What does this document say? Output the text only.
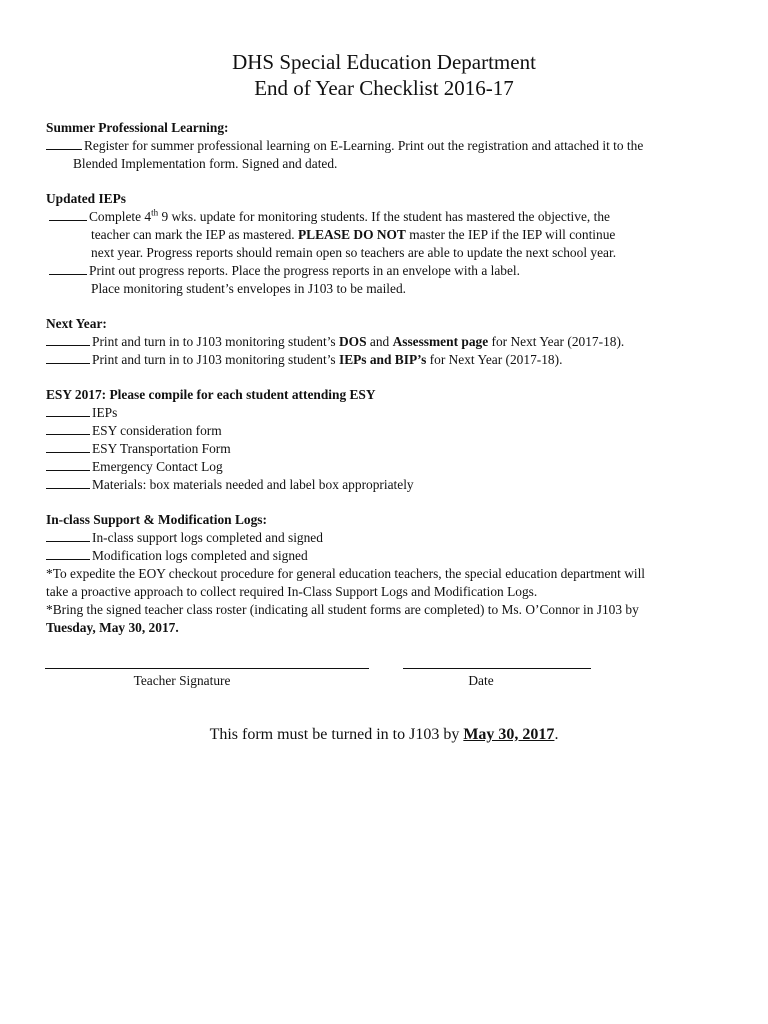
DHS Special Education Department
End of Year Checklist 2016-17
Summer Professional Learning:
Register for summer professional learning on E-Learning. Print out the registration and attached it to the
Blended Implementation form. Signed and dated.
Updated IEPs
Complete 4th 9 wks. update for monitoring students. If the student has mastered the objective, the
teacher can mark the IEP as mastered. PLEASE DO NOT master the IEP if the IEP will continue
next year. Progress reports should remain open so teachers are able to update the next school year.
Print out progress reports. Place the progress reports in an envelope with a label.
Place monitoring student’s envelopes in J103 to be mailed.
Next Year:
Print and turn in to J103 monitoring student’s DOS and Assessment page for Next Year (2017-18).
Print and turn in to J103 monitoring student’s IEPs and BIP’s for Next Year (2017-18).
ESY 2017: Please compile for each student attending ESY
IEPs
ESY consideration form
ESY Transportation Form
Emergency Contact Log
Materials: box materials needed and label box appropriately
In-class Support & Modification Logs:
In-class support logs completed and signed
Modification logs completed and signed
*To expedite the EOY checkout procedure for general education teachers, the special education department will
take a proactive approach to collect required In-Class Support Logs and Modification Logs.
*Bring the signed teacher class roster (indicating all student forms are completed) to Ms. O’Connor in J103 by
Tuesday, May 30, 2017.
Teacher Signature	Date
This form must be turned in to J103 by May 30, 2017.
